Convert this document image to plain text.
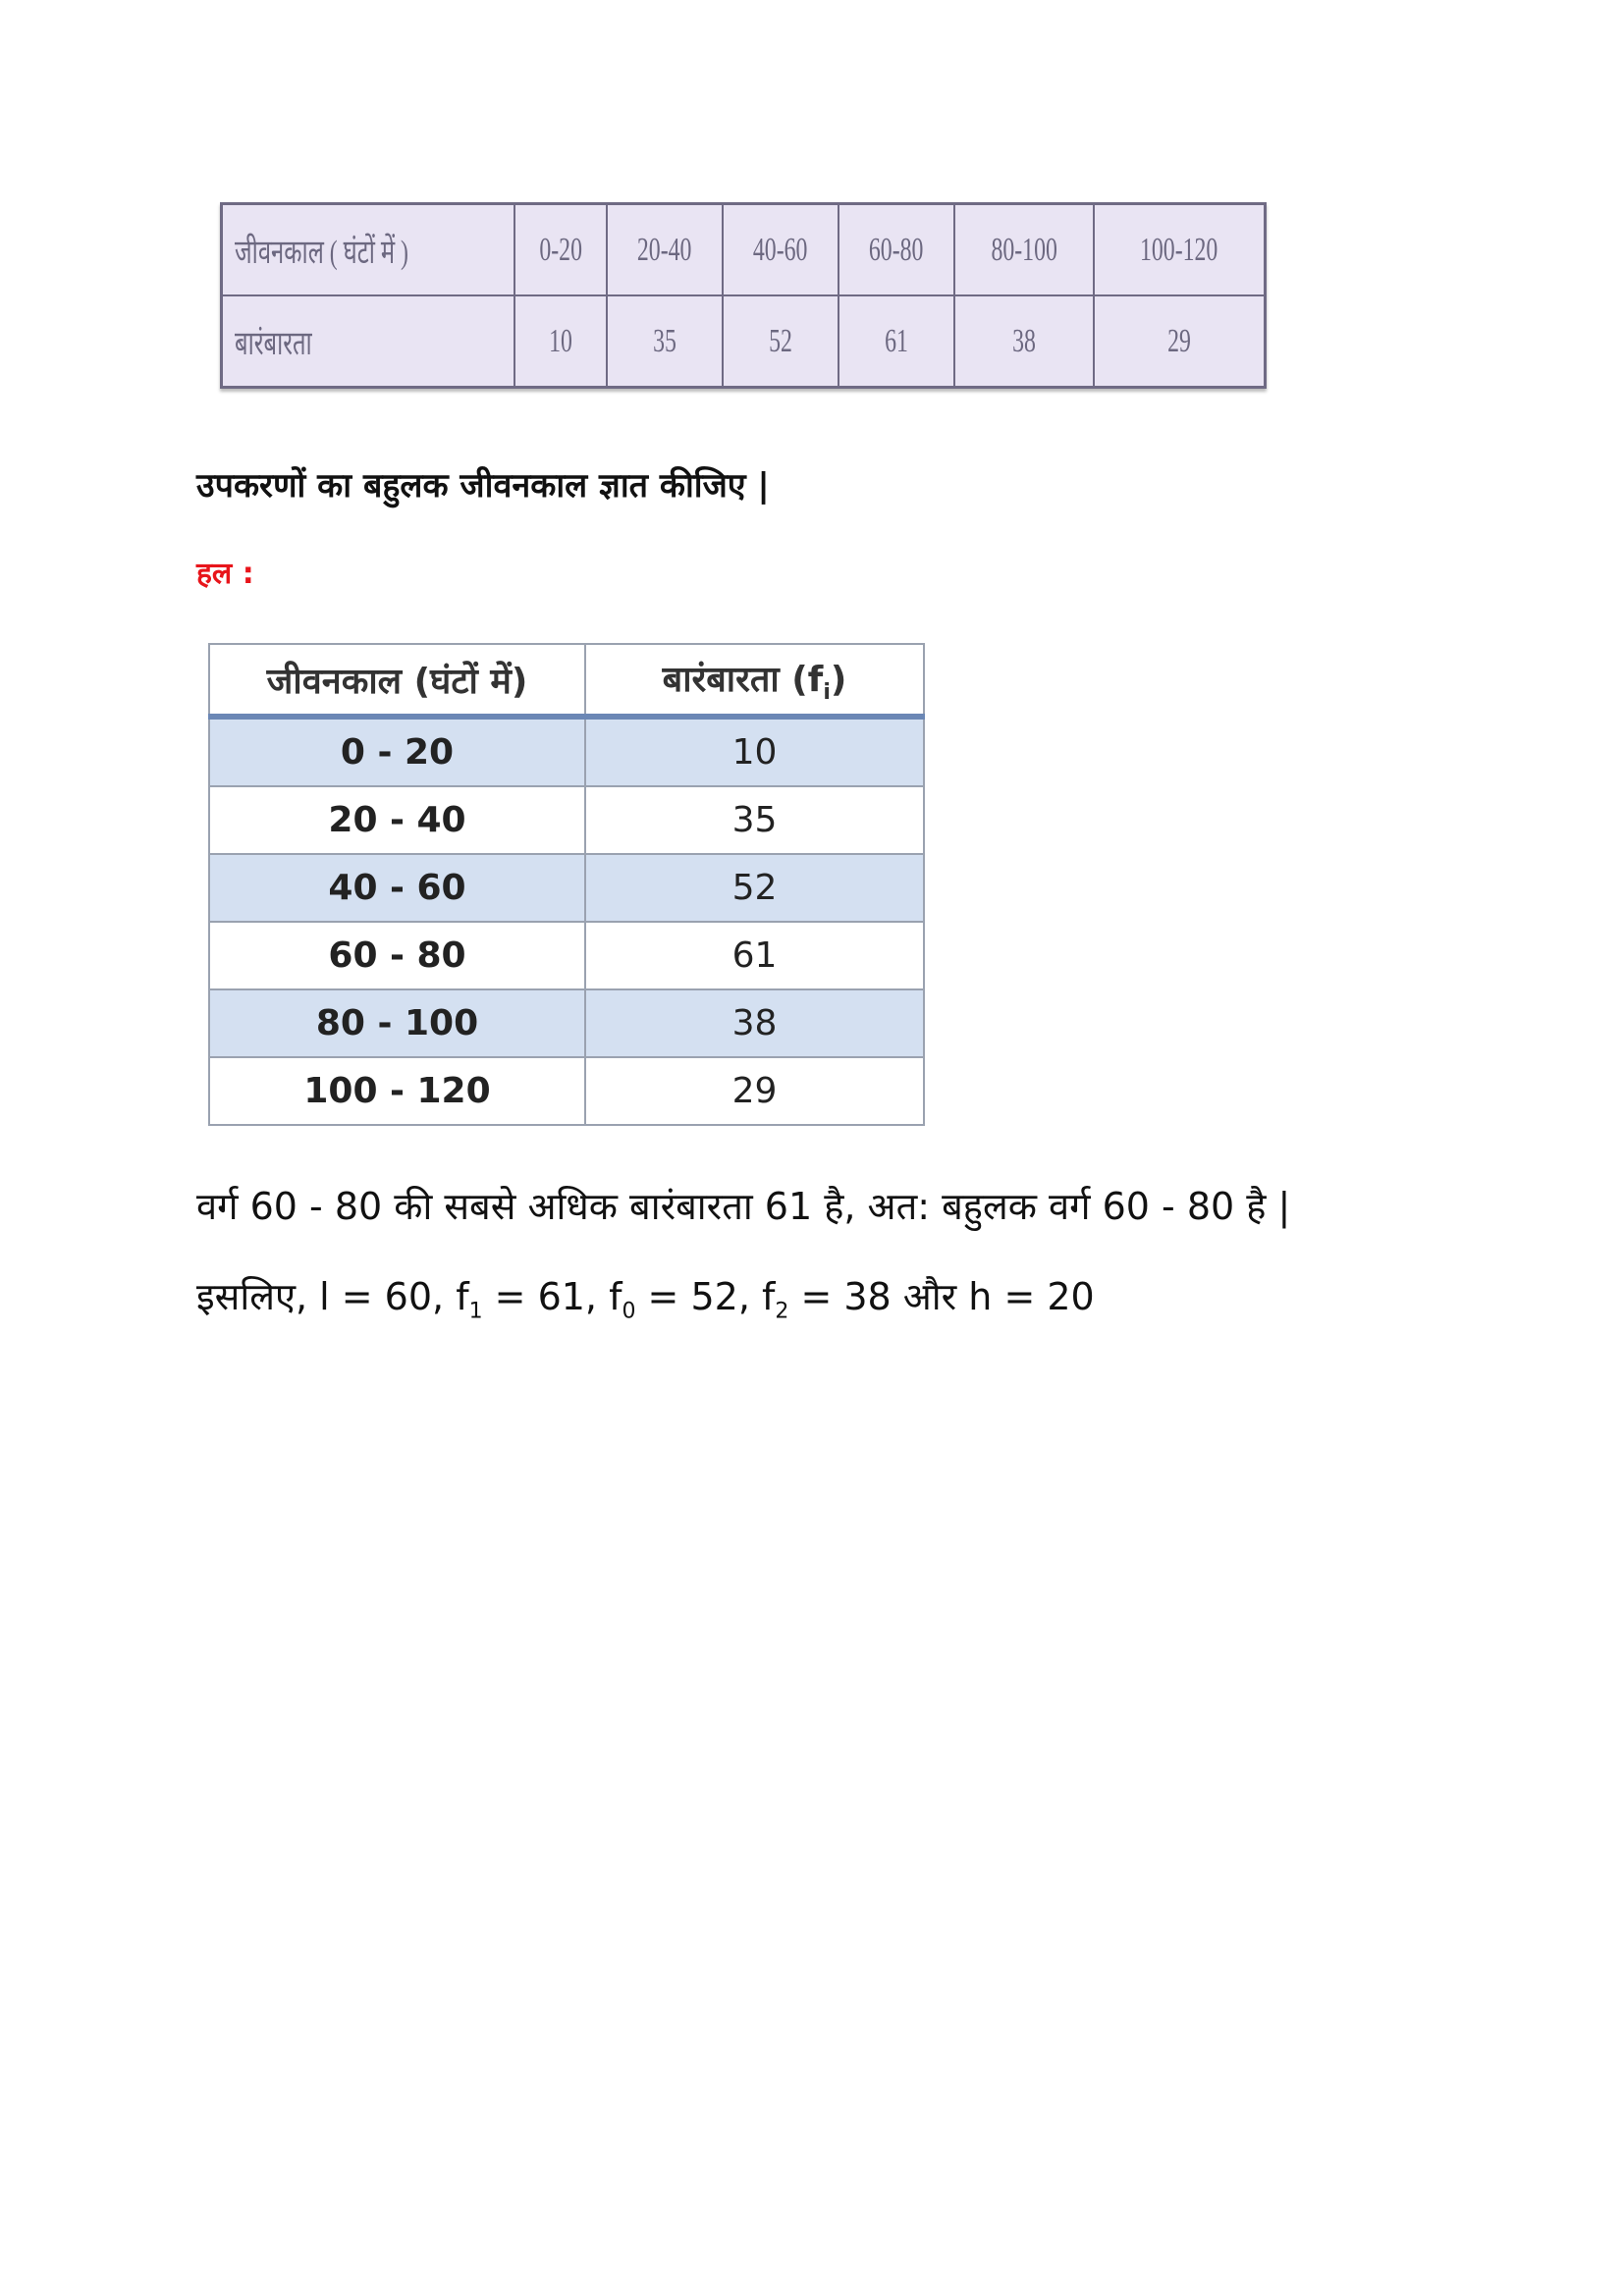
जीवनकाल ( घंटों में )	0-20	20-40	40-60	60-80	80-100	100-120
बारंबारता	10	35	52	61	38	29
उपकरणों का बहुलक जीवनकाल ज्ञात कीजिए |
हल :
जीवनकाल (घंटों में)	बारंबारता $(f_i)$
0 - 20	10
20 - 40	35
40 - 60	52
60 - 80	61
80 - 100	38
100 - 120	29
वर्ग 60 - 80 की सबसे अधिक बारंबारता 61 है, अत: बहुलक वर्ग 60 - 80 है |
इसलिए, l = 60, $f_1 = 61$, $f_0 = 52$, $f_2 = 38$ और h = 20
